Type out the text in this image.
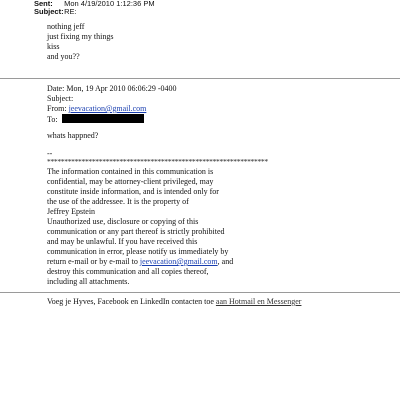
Sent: Mon 4/19/2010 1:12:36 PM
Subject: RE:
nothing jeff
just fixing my things
kiss
and you??
Date: Mon, 19 Apr 2010 06:06:29 -0400
Subject:
From: jeevacation@gmail.com
To:
whats happned?
--
****************************************************************
The information contained in this communication is
confidential, may be attorney-client privileged, may
constitute inside information, and is intended only for
the use of the addressee. It is the property of
Jeffrey Epstein
Unauthorized use, disclosure or copying of this
communication or any part thereof is strictly prohibited
and may be unlawful. If you have received this
communication in error, please notify us immediately by
return e-mail or by e-mail to jeevacation@gmail.com, and
destroy this communication and all copies thereof,
including all attachments.
Voeg je Hyves, Facebook en LinkedIn contacten toe aan Hotmail en Messenger
